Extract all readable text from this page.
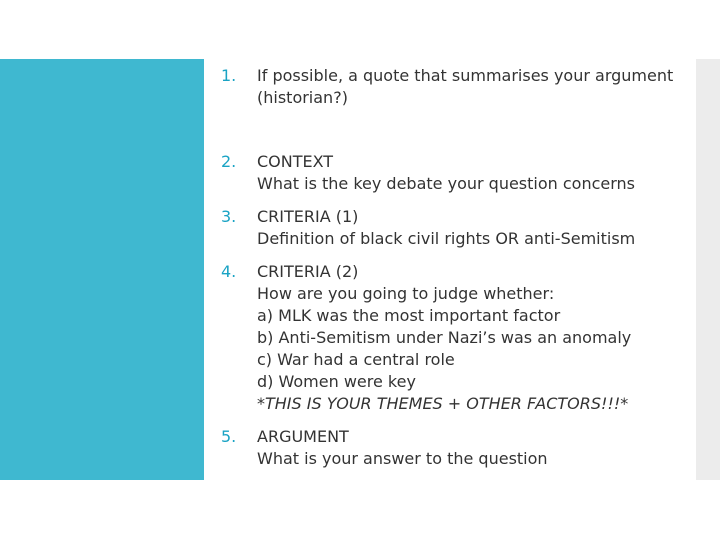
1.	If possible, a quote that summarises your argument
(historian?)
2.	CONTEXT
What is the key debate your question concerns
3.	CRITERIA (1)
Definition of black civil rights OR anti-Semitism
4.	CRITERIA (2)
How are you going to judge whether:
a) MLK was the most important factor
b) Anti-Semitism under Nazi’s was an anomaly
c) War had a central role
d) Women were key
*THIS IS YOUR THEMES + OTHER FACTORS!!!*
5.	ARGUMENT
What is your answer to the question
